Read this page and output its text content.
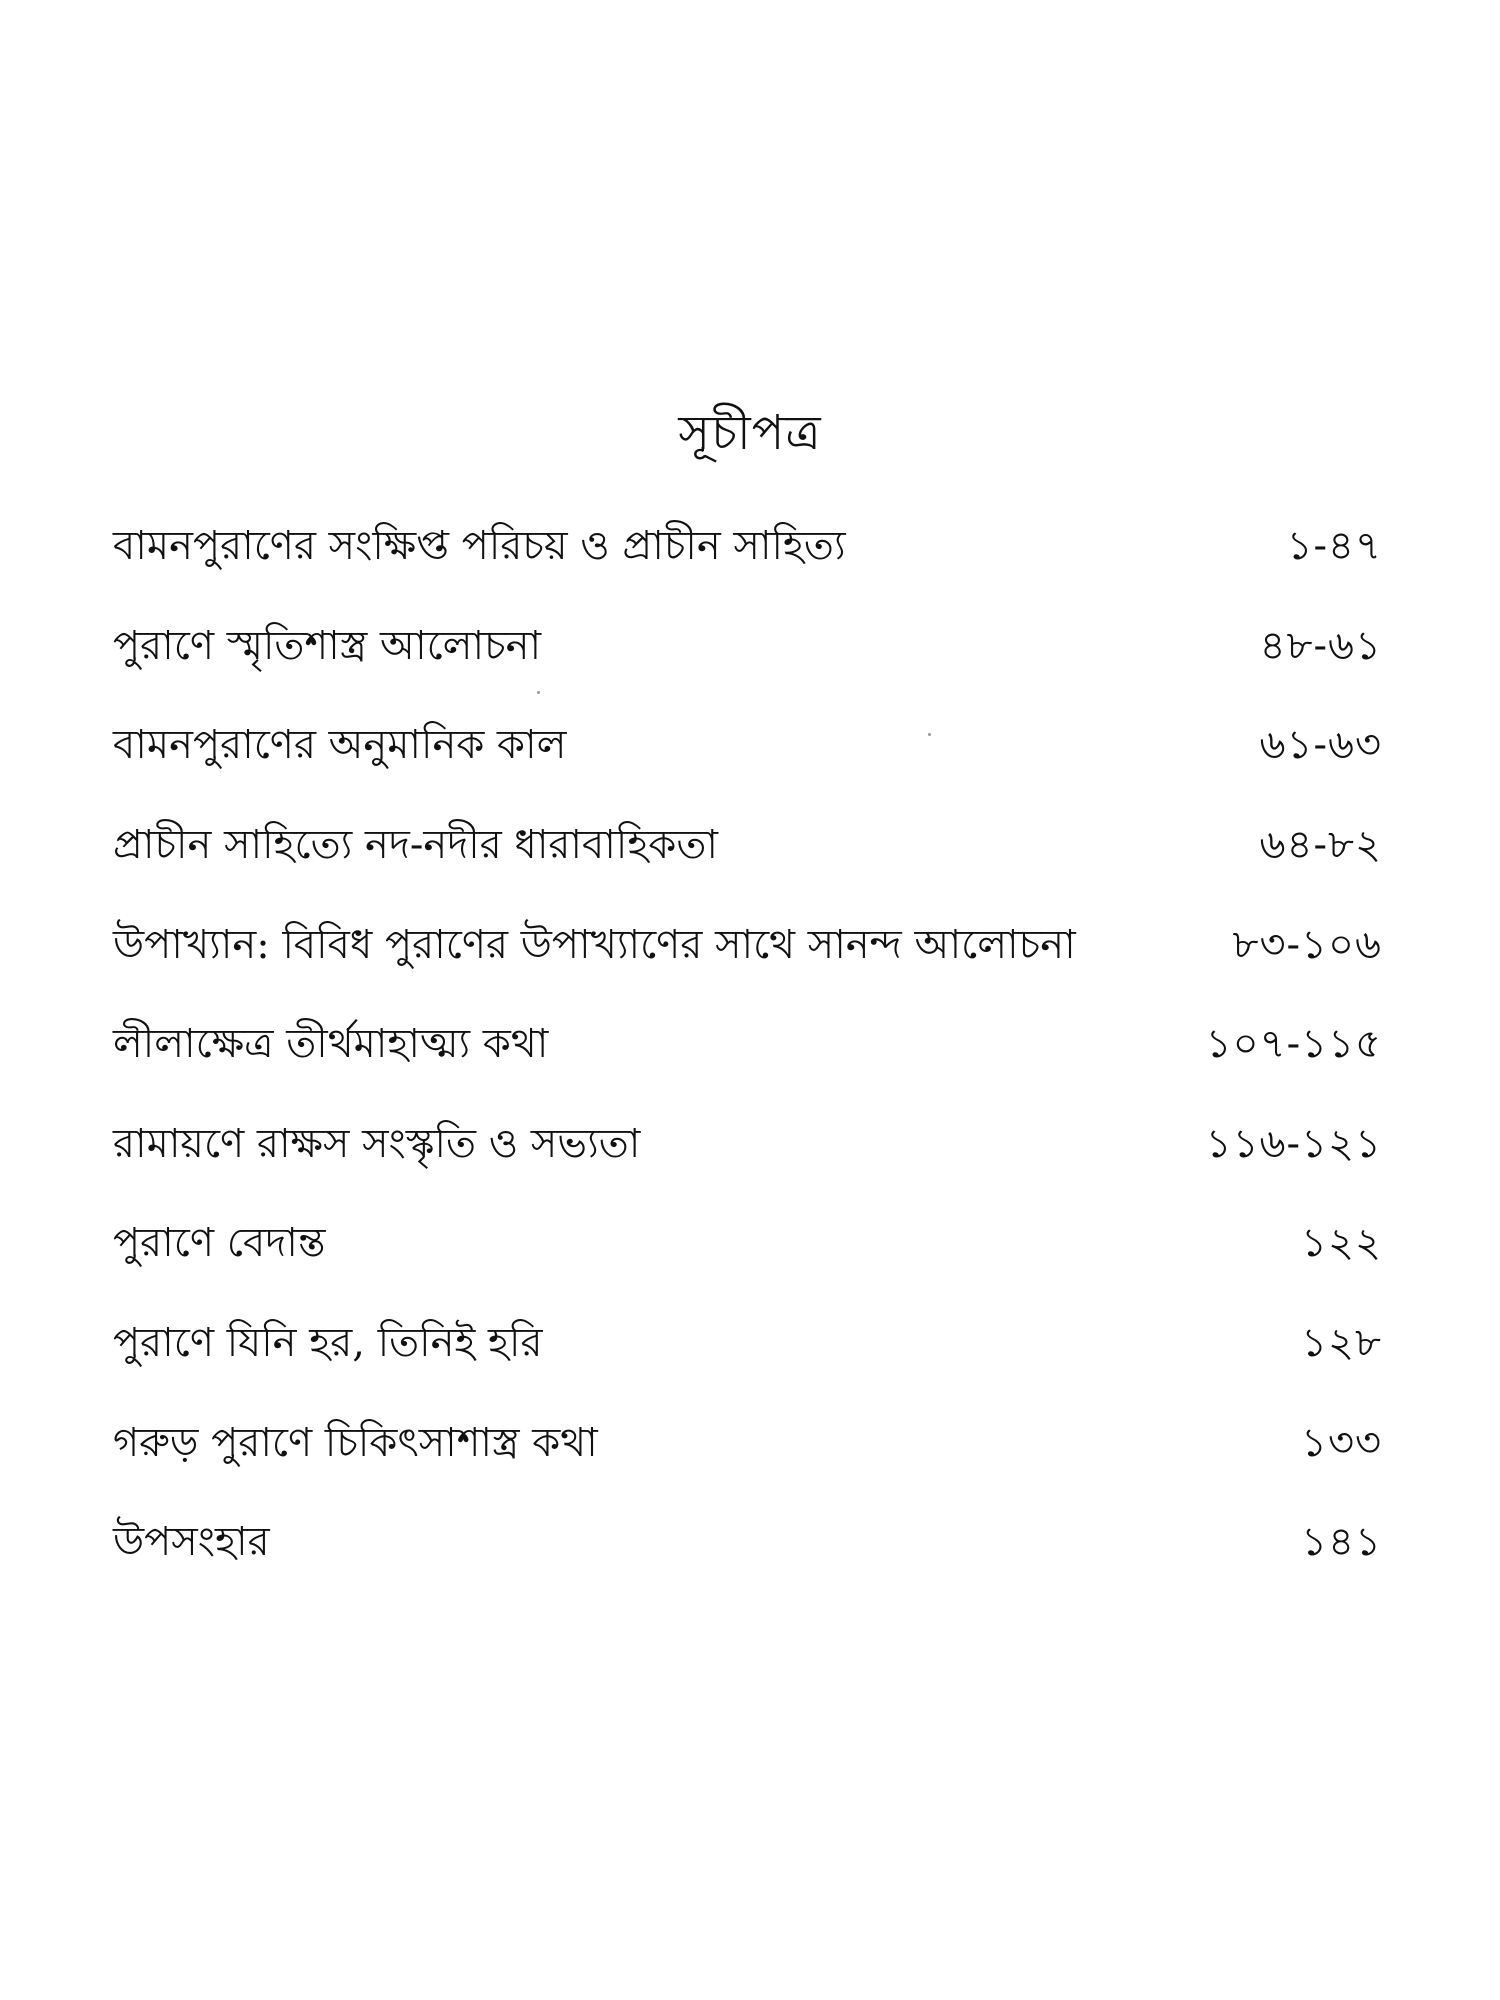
সূচীপত্র
বামনপুরাণের সংক্ষিপ্ত পরিচয় ও প্রাচীন সাহিত্য	১-৪৭
পুরাণে স্মৃতিশাস্ত্র আলোচনা	৪৮-৬১
বামনপুরাণের অনুমানিক কাল	৬১-৬৩
প্রাচীন সাহিত্যে নদ-নদীর ধারাবাহিকতা	৬৪-৮২
উপাখ্যান: বিবিধ পুরাণের উপাখ্যাণের সাথে সানন্দ আলোচনা	৮৩-১০৬
লীলাক্ষেত্র তীর্থমাহাত্ম্য কথা	১০৭-১১৫
রামায়ণে রাক্ষস সংস্কৃতি ও সভ্যতা	১১৬-১২১
পুরাণে বেদান্ত	১২২
পুরাণে যিনি হর, তিনিই হরি	১২৮
গরুড় পুরাণে চিকিৎসাশাস্ত্র কথা	১৩৩
উপসংহার	১৪১
